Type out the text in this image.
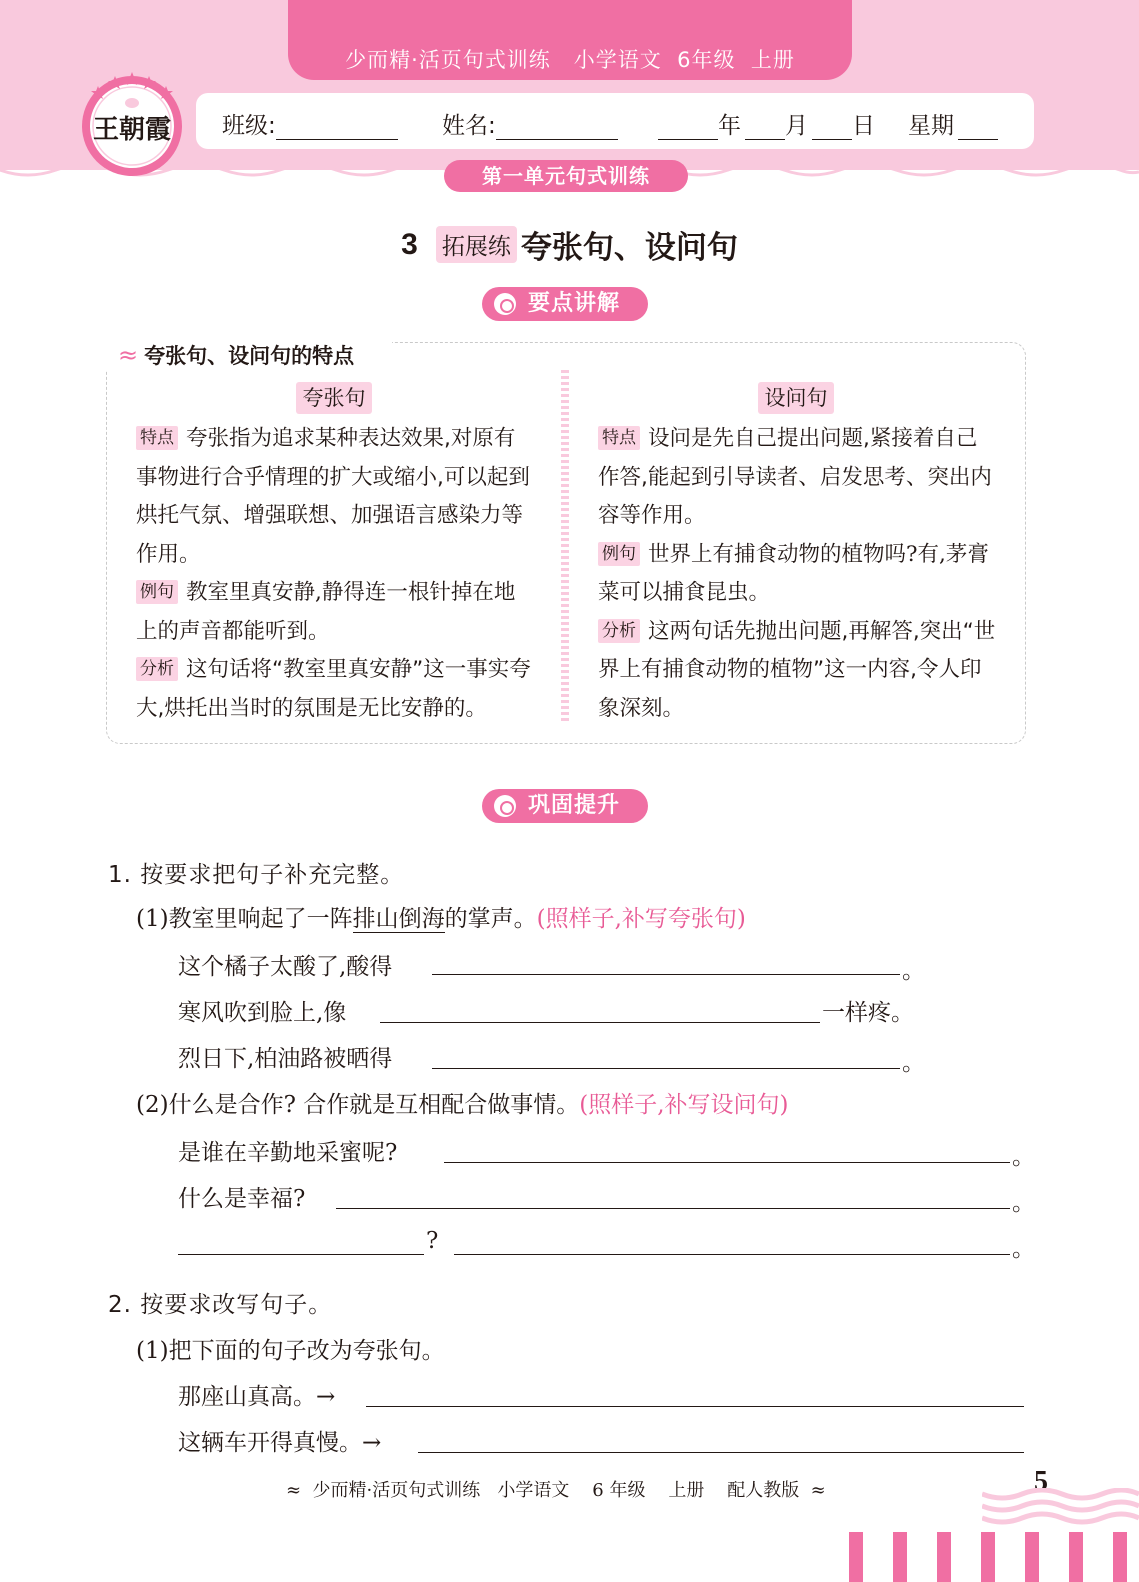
少而精·活页句式训练   小学语文  6年级  上册
王朝霞 班级:	姓名:	年 月 日 星期
第一单元句式训练
3 拓展练 夸张句、设问句
要点讲解
≈ 夸张句、设问句的特点
夸张句
特点 夸张指为追求某种表达效果,对原有事物进行合乎情理的扩大或缩小,可以起到烘托气氛、增强联想、加强语言感染力等作用。
例句 教室里真安静,静得连一根针掉在地上的声音都能听到。
分析 这句话将“教室里真安静”这一事实夸大,烘托出当时的氛围是无比安静的。
设问句
特点 设问是先自己提出问题,紧接着自己作答,能起到引导读者、启发思考、突出内容等作用。
例句 世界上有捕食动物的植物吗?有,茅膏菜可以捕食昆虫。
分析 这两句话先抛出问题,再解答,突出“世界上有捕食动物的植物”这一内容,令人印象深刻。
巩固提升
1. 按要求把句子补充完整。
(1)教室里响起了一阵排山倒海的掌声。(照样子,补写夸张句)
这个橘子太酸了,酸得	。
寒风吹到脸上,像	一样疼。
烈日下,柏油路被晒得	。
(2)什么是合作? 合作就是互相配合做事情。(照样子,补写设问句)
是谁在辛勤地采蜜呢?	。
什么是幸福?	。
?	。
2. 按要求改写句子。
(1)把下面的句子改为夸张句。
那座山真高。→
这辆车开得真慢。→
≈  少而精·活页句式训练   小学语文    6 年级    上册    配人教版  ≈	5
